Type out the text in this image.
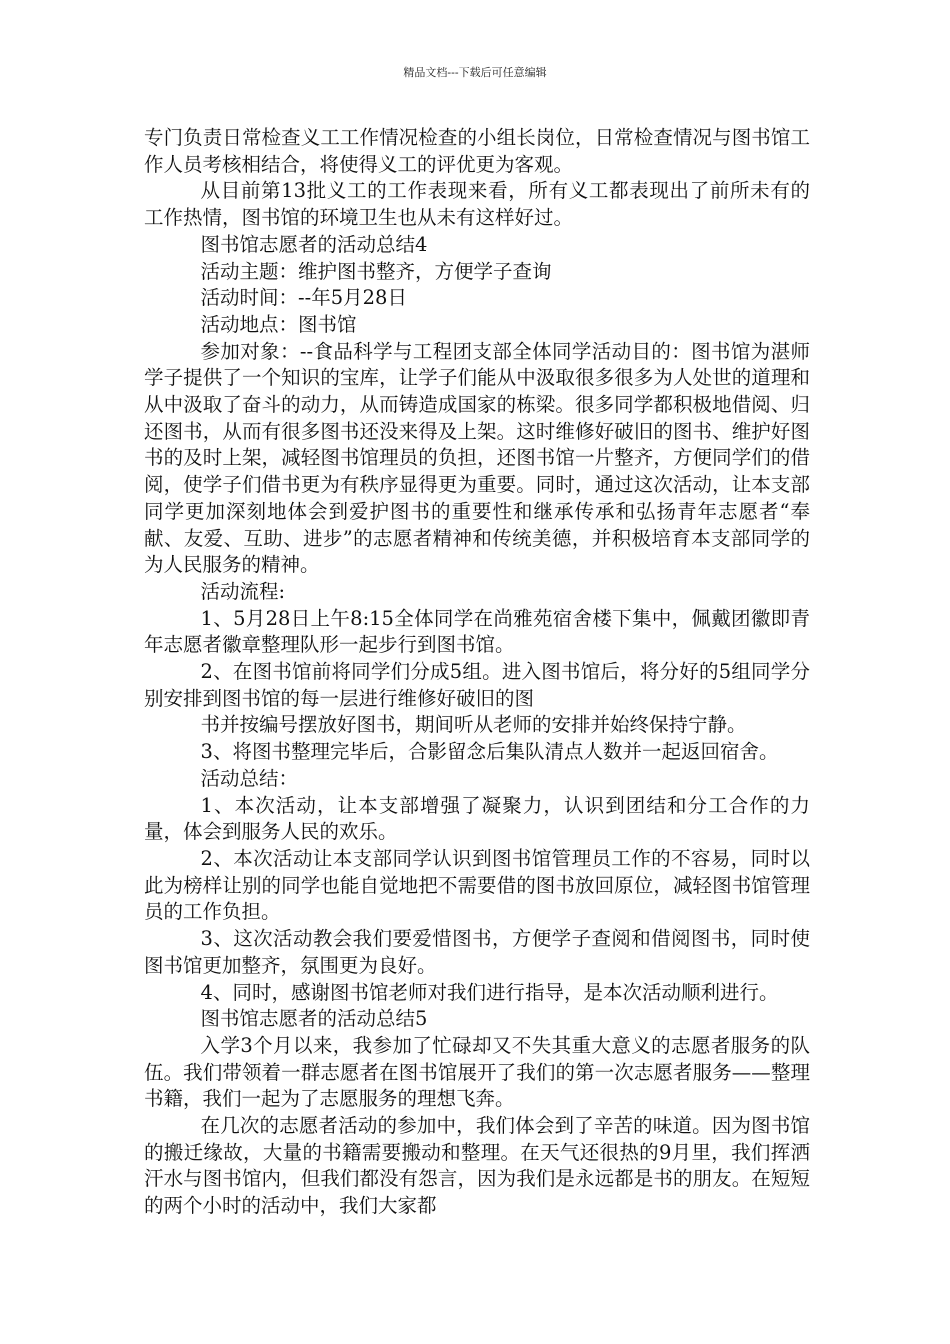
精品文档---下载后可任意编辑

专门负责日常检查义工工作情况检查的小组长岗位，日常检查情况与图书馆工作人员考核相结合，将使得义工的评优更为客观。

从目前第13批义工的工作表现来看，所有义工都表现出了前所未有的工作热情，图书馆的环境卫生也从未有这样好过。

图书馆志愿者的活动总结4

活动主题：维护图书整齐，方便学子查询

活动时间：--年5月28日

活动地点：图书馆

参加对象：--食品科学与工程团支部全体同学活动目的：图书馆为湛师学子提供了一个知识的宝库，让学子们能从中汲取很多很多为人处世的道理和从中汲取了奋斗的动力，从而铸造成国家的栋梁。很多同学都积极地借阅、归还图书，从而有很多图书还没来得及上架。这时维修好破旧的图书、维护好图书的及时上架，减轻图书馆理员的负担，还图书馆一片整齐，方便同学们的借阅，使学子们借书更为有秩序显得更为重要。同时，通过这次活动，让本支部同学更加深刻地体会到爱护图书的重要性和继承传承和弘扬青年志愿者“奉献、友爱、互助、进步”的志愿者精神和传统美德，并积极培育本支部同学的为人民服务的精神。

活动流程:

1、5月28日上午8:15全体同学在尚雅苑宿舍楼下集中，佩戴团徽即青年志愿者徽章整理队形一起步行到图书馆。

2、在图书馆前将同学们分成5组。进入图书馆后，将分好的5组同学分别安排到图书馆的每一层进行维修好破旧的图

书并按编号摆放好图书，期间听从老师的安排并始终保持宁静。

3、将图书整理完毕后，合影留念后集队清点人数并一起返回宿舍。

活动总结：

1、本次活动，让本支部增强了凝聚力，认识到团结和分工合作的力量，体会到服务人民的欢乐。

2、本次活动让本支部同学认识到图书馆管理员工作的不容易，同时以此为榜样让别的同学也能自觉地把不需要借的图书放回原位，减轻图书馆管理员的工作负担。

3、这次活动教会我们要爱惜图书，方便学子查阅和借阅图书，同时使图书馆更加整齐，氛围更为良好。

4、同时，感谢图书馆老师对我们进行指导，是本次活动顺利进行。

图书馆志愿者的活动总结5

入学3个月以来，我参加了忙碌却又不失其重大意义的志愿者服务的队伍。我们带领着一群志愿者在图书馆展开了我们的第一次志愿者服务——整理书籍，我们一起为了志愿服务的理想飞奔。

在几次的志愿者活动的参加中，我们体会到了辛苦的味道。因为图书馆的搬迁缘故，大量的书籍需要搬动和整理。在天气还很热的9月里，我们挥洒汗水与图书馆内，但我们都没有怨言，因为我们是永远都是书的朋友。在短短的两个小时的活动中，我们大家都
